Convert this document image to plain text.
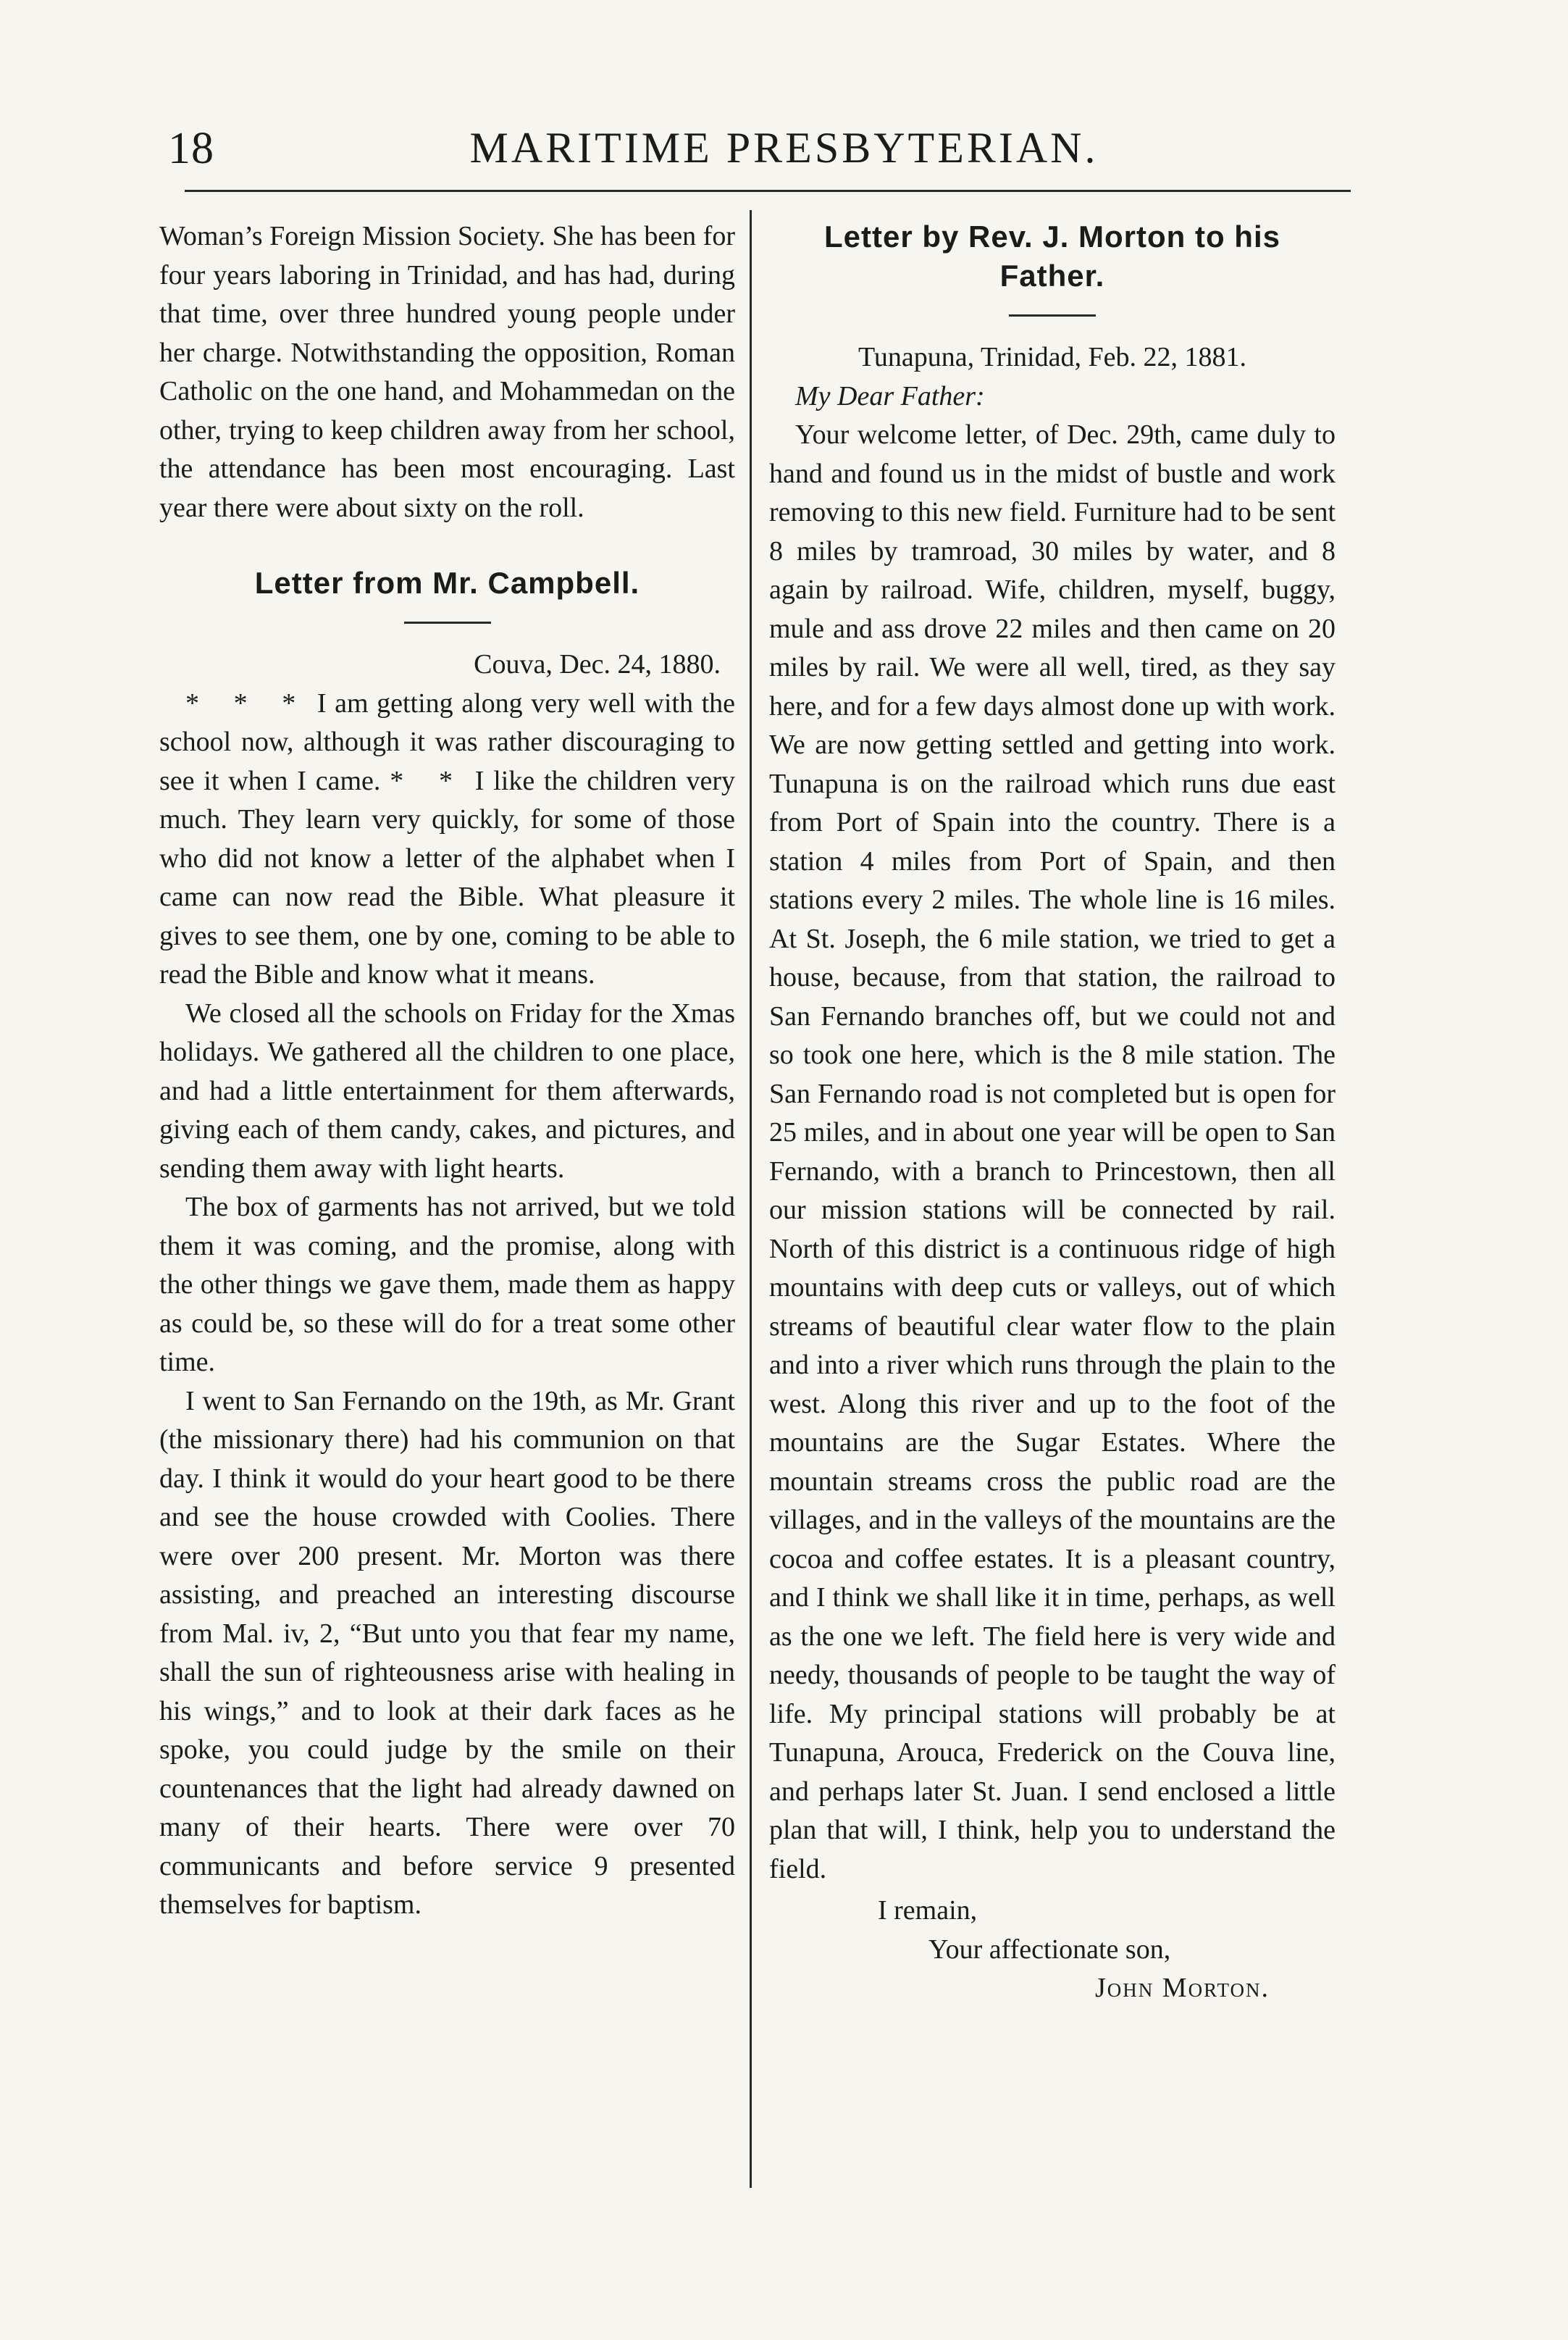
18	MARITIME PRESBYTERIAN.

Woman’s Foreign Mission Society. She has been for four years laboring in Trinidad, and has had, during that time, over three hundred young people under her charge. Notwithstanding the opposition, Roman Catholic on the one hand, and Mohammedan on the other, trying to keep children away from her school, the attendance has been most encouraging. Last year there were about sixty on the roll.

Letter from Mr. Campbell.

Couva, Dec. 24, 1880.

* * * I am getting along very well with the school now, although it was rather discouraging to see it when I came. * * I like the children very much. They learn very quickly, for some of those who did not know a letter of the alphabet when I came can now read the Bible. What pleasure it gives to see them, one by one, coming to be able to read the Bible and know what it means.

We closed all the schools on Friday for the Xmas holidays. We gathered all the children to one place, and had a little entertainment for them afterwards, giving each of them candy, cakes, and pictures, and sending them away with light hearts.

The box of garments has not arrived, but we told them it was coming, and the promise, along with the other things we gave them, made them as happy as could be, so these will do for a treat some other time.

I went to San Fernando on the 19th, as Mr. Grant (the missionary there) had his communion on that day. I think it would do your heart good to be there and see the house crowded with Coolies. There were over 200 present. Mr. Morton was there assisting, and preached an interesting discourse from Mal. iv, 2, “But unto you that fear my name, shall the sun of righteousness arise with healing in his wings,” and to look at their dark faces as he spoke, you could judge by the smile on their countenances that the light had already dawned on many of their hearts. There were over 70 communicants and before service 9 presented themselves for baptism.

Letter by Rev. J. Morton to his Father.

Tunapuna, Trinidad, Feb. 22, 1881.

My Dear Father:

Your welcome letter, of Dec. 29th, came duly to hand and found us in the midst of bustle and work removing to this new field. Furniture had to be sent 8 miles by tramroad, 30 miles by water, and 8 again by railroad. Wife, children, myself, buggy, mule and ass drove 22 miles and then came on 20 miles by rail. We were all well, tired, as they say here, and for a few days almost done up with work. We are now getting settled and getting into work. Tunapuna is on the railroad which runs due east from Port of Spain into the country. There is a station 4 miles from Port of Spain, and then stations every 2 miles. The whole line is 16 miles. At St. Joseph, the 6 mile station, we tried to get a house, because, from that station, the railroad to San Fernando branches off, but we could not and so took one here, which is the 8 mile station. The San Fernando road is not completed but is open for 25 miles, and in about one year will be open to San Fernando, with a branch to Princestown, then all our mission stations will be connected by rail. North of this district is a continuous ridge of high mountains with deep cuts or valleys, out of which streams of beautiful clear water flow to the plain and into a river which runs through the plain to the west. Along this river and up to the foot of the mountains are the Sugar Estates. Where the mountain streams cross the public road are the villages, and in the valleys of the mountains are the cocoa and coffee estates. It is a pleasant country, and I think we shall like it in time, perhaps, as well as the one we left. The field here is very wide and needy, thousands of people to be taught the way of life. My principal stations will probably be at Tunapuna, Arouca, Frederick on the Couva line, and perhaps later St. Juan. I send enclosed a little plan that will, I think, help you to understand the field.

I remain,
Your affectionate son,
John Morton.
